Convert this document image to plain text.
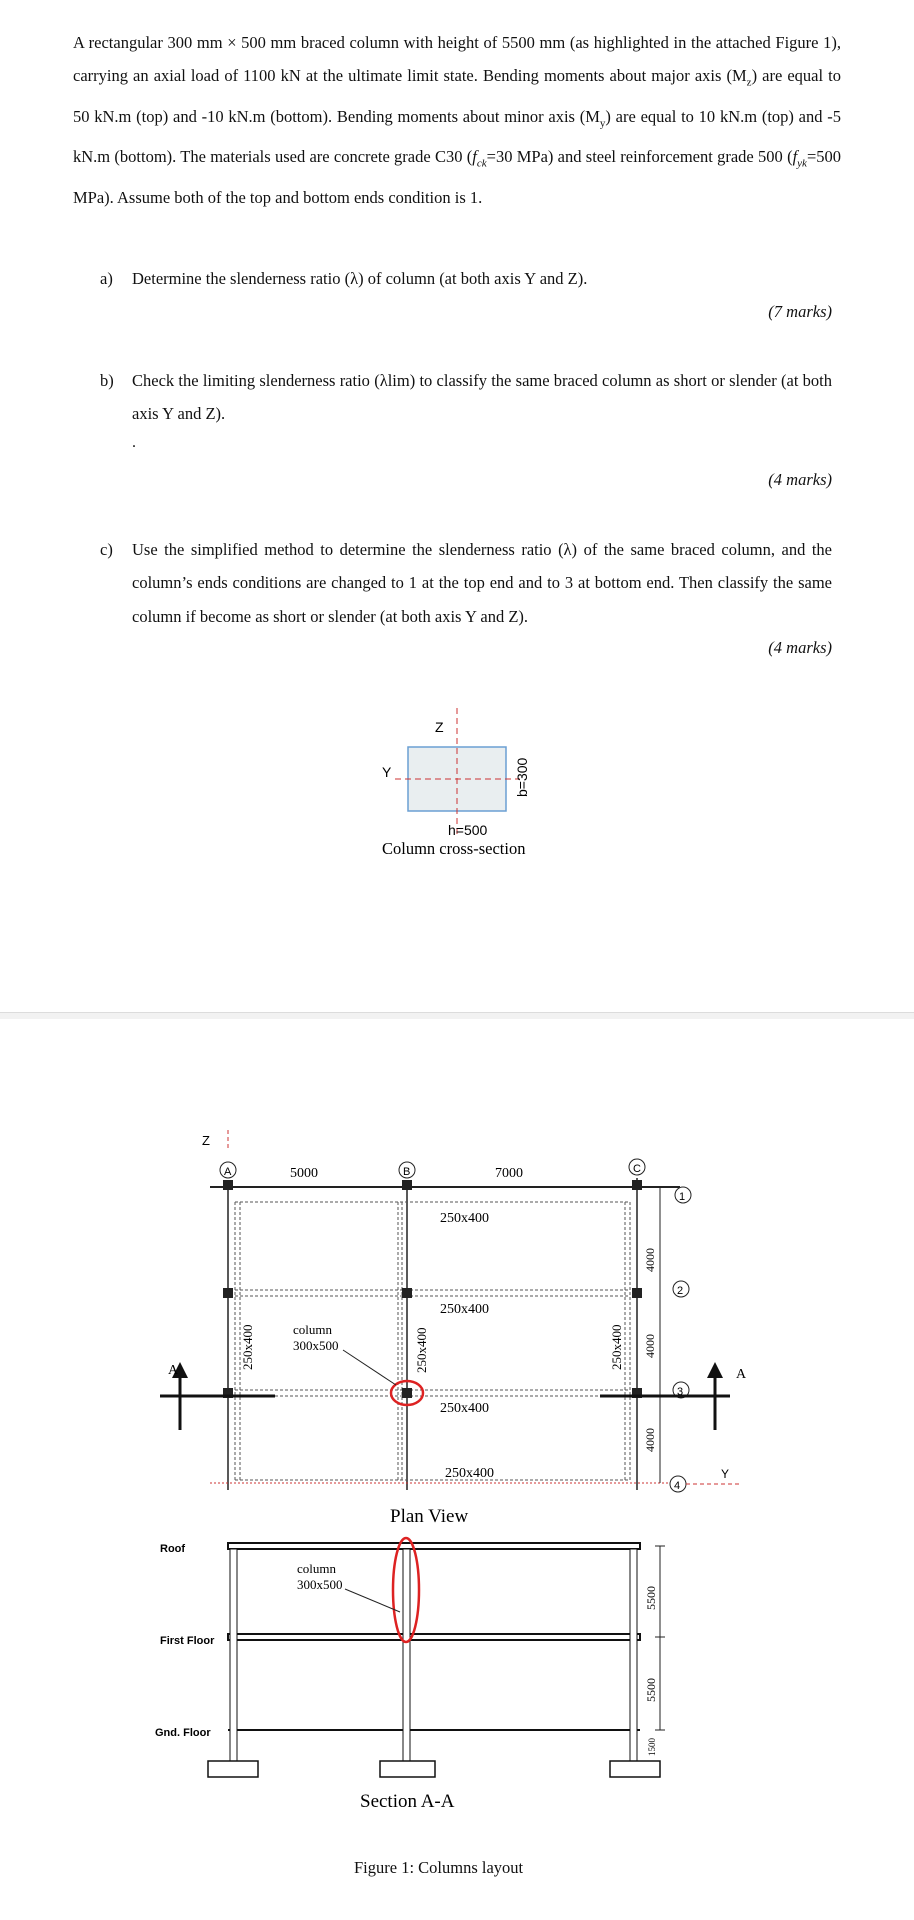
A rectangular 300 mm × 500 mm braced column with height of 5500 mm (as highlighted in the attached Figure 1), carrying an axial load of 1100 kN at the ultimate limit state. Bending moments about major axis $(M_z)$ are equal to 50 kN.m (top) and -10 kN.m (bottom). Bending moments about minor axis $(M_y)$ are equal to 10 kN.m (top) and -5 kN.m (bottom). The materials used are concrete grade C30 ($f_{ck}=30$ MPa) and steel reinforcement grade 500 ($f_{yk}=500$ MPa). Assume both of the top and bottom ends condition is 1.
a)	Determine the slenderness ratio (λ) of column (at both axis Y and Z).
(7 marks)
b)	Check the limiting slenderness ratio (λlim) to classify the same braced column as short or slender (at both axis Y and Z).
.
(4 marks)
c)	Use the simplified method to determine the slenderness ratio (λ) of the same braced column, and the column’s ends conditions are changed to 1 at the top end and to 3 at bottom end. Then classify the same column if become as short or slender (at both axis Y and Z).
(4 marks)
Z
Y	b=300
h=500
Column cross-section
Z
A	B	C
5000	7000
250x400
250x400
250x400
250x400
250x400	250x400	250x400
column
300x500
4000
4000
4000
1
2
3
4
Y
A	A
Plan View
Roof
First Floor
Gnd. Floor
column
300x500
5500
5500
1500
Section A-A
Figure 1: Columns layout
